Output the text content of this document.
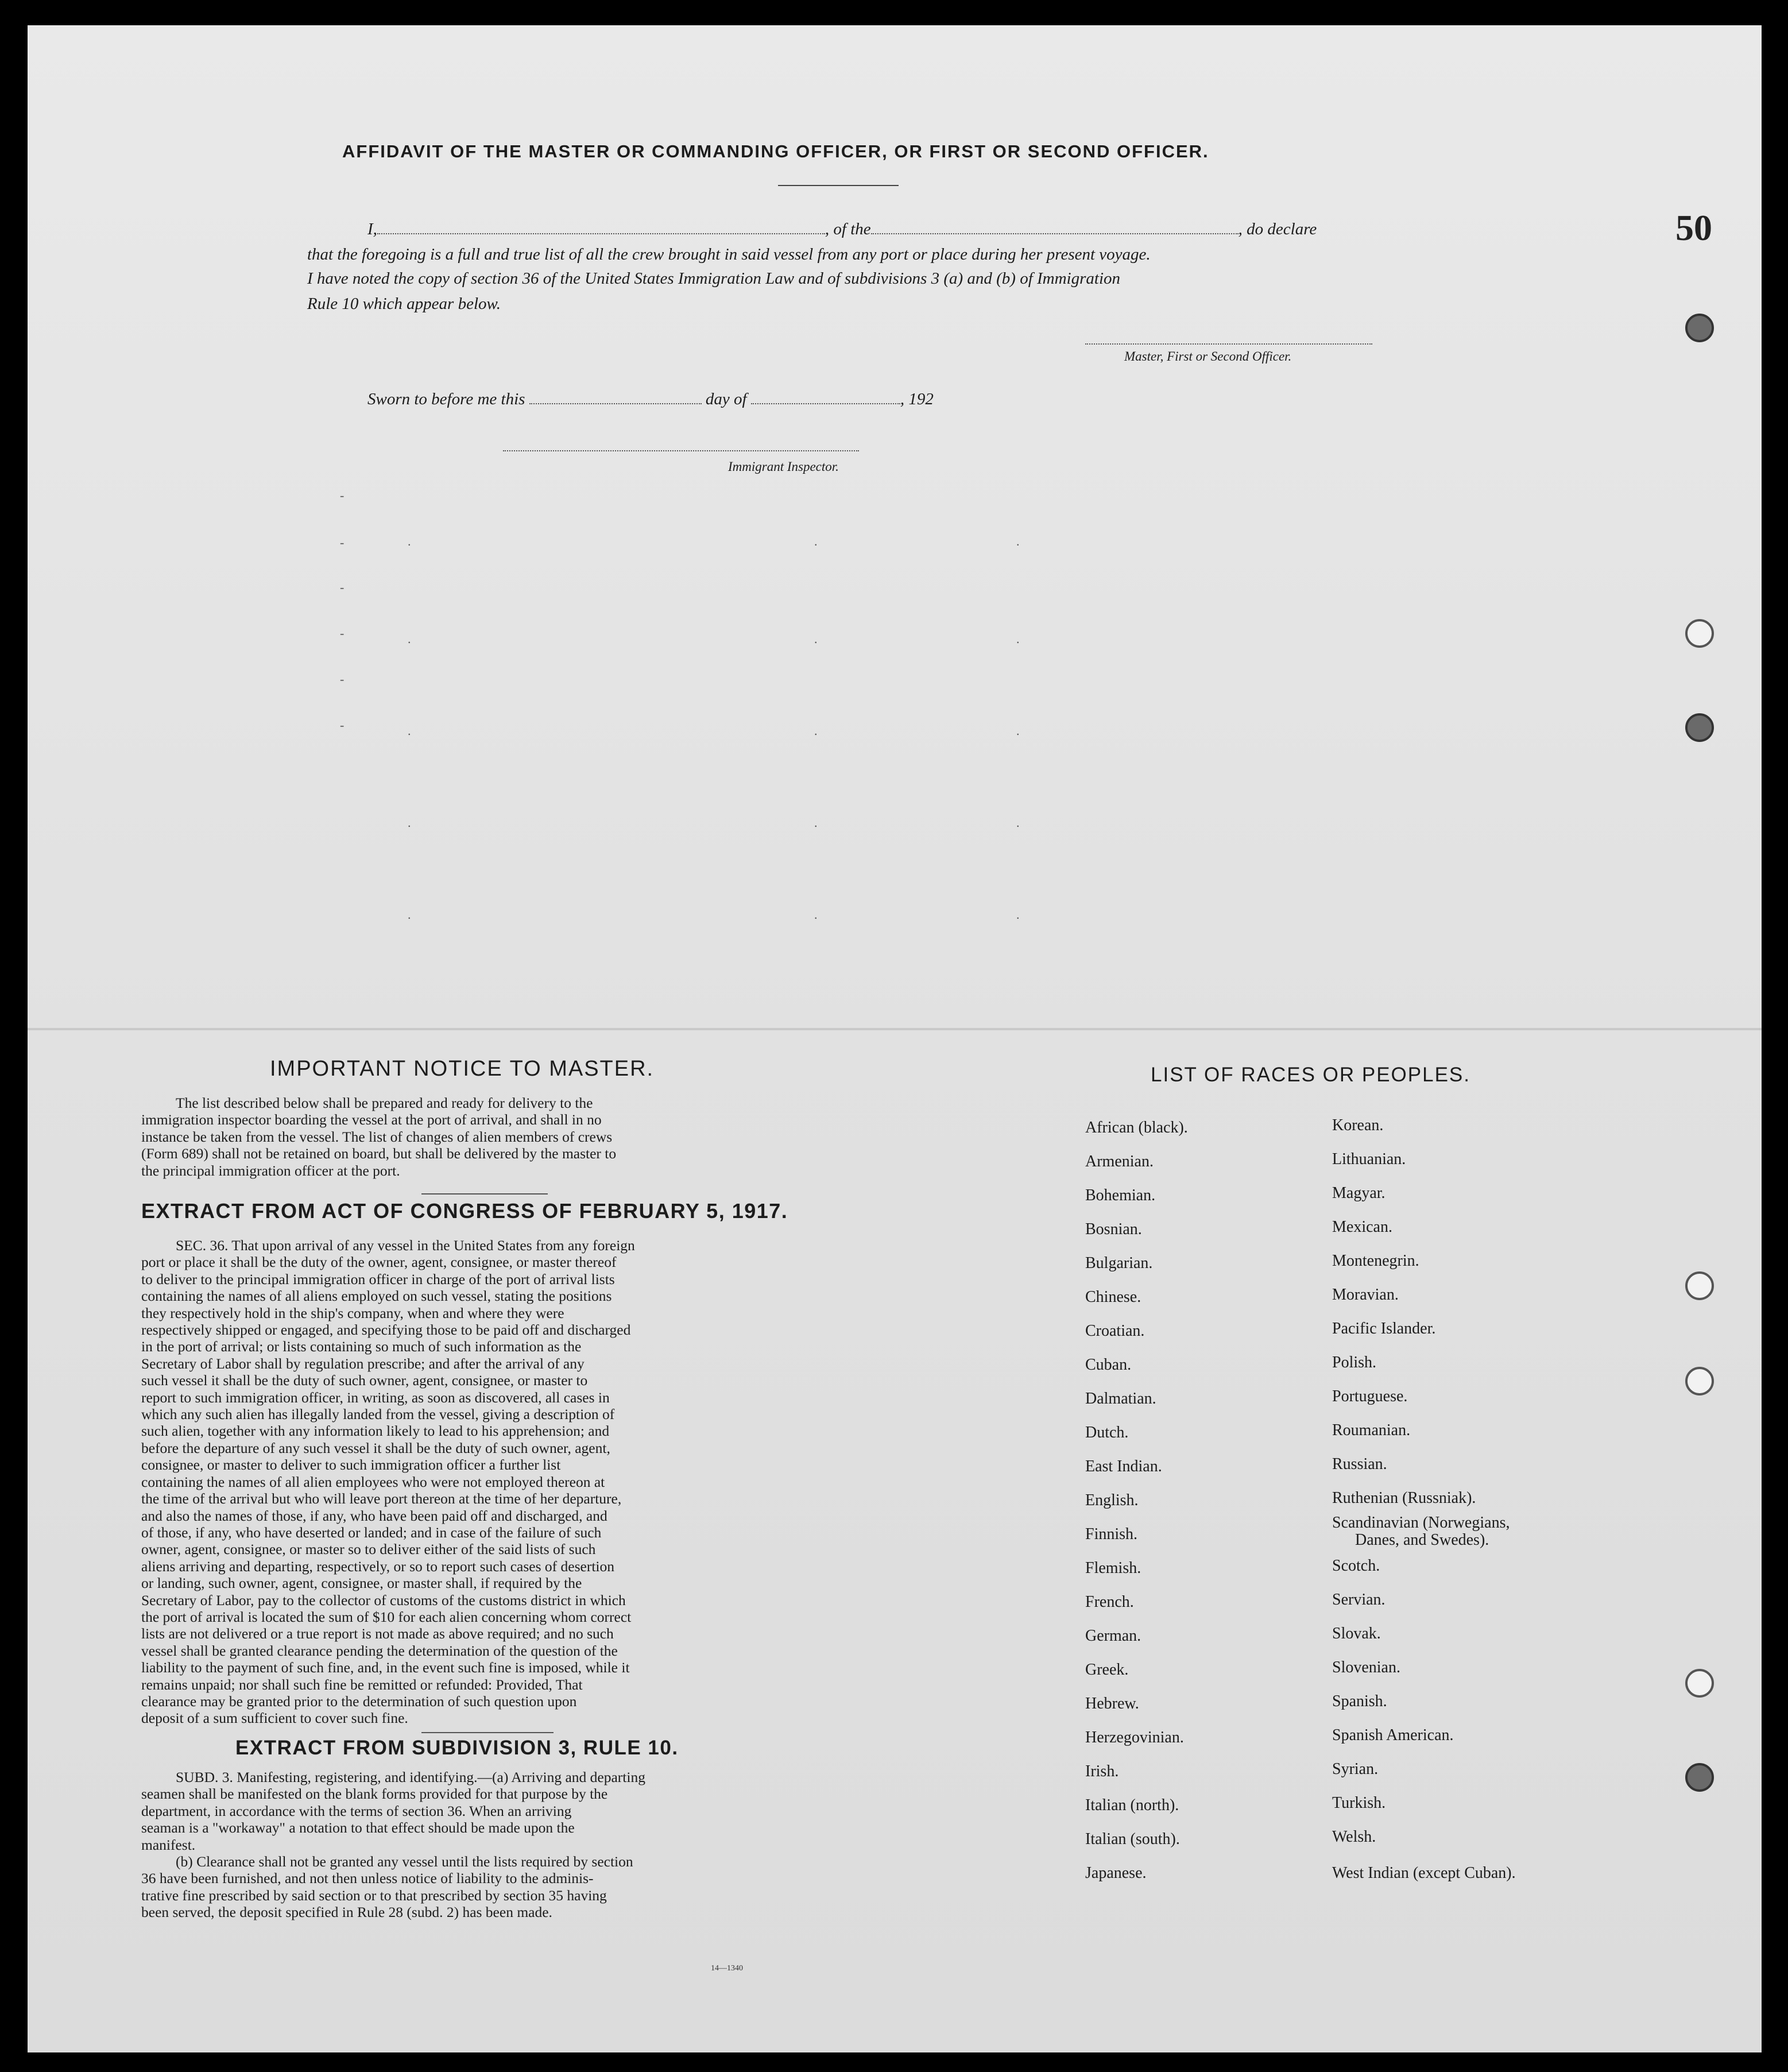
50
AFFIDAVIT OF THE MASTER OR COMMANDING OFFICER, OR FIRST OR SECOND OFFICER.
I,	, of the	, do declare
that the foregoing is a full and true list of all the crew brought in said vessel from any port or place during her present voyage.
I have noted the copy of section 36 of the United States Immigration Law and of subdivisions 3 (a) and (b) of Immigration
Rule 10 which appear below.
Master, First or Second Officer.
Sworn to before me this	day of	, 192
Immigrant Inspector.
-
-
-
-
-
-
.
.
.
.
.
.
.
.
.
.
.
.
.
.
.
IMPORTANT NOTICE TO MASTER.
The list described below shall be prepared and ready for delivery to the
immigration inspector boarding the vessel at the port of arrival, and shall in no
instance be taken from the vessel. The list of changes of alien members of crews
(Form 689) shall not be retained on board, but shall be delivered by the master to
the principal immigration officer at the port.
EXTRACT FROM ACT OF CONGRESS OF FEBRUARY 5, 1917.
SEC. 36. That upon arrival of any vessel in the United States from any foreign
port or place it shall be the duty of the owner, agent, consignee, or master thereof
to deliver to the principal immigration officer in charge of the port of arrival lists
containing the names of all aliens employed on such vessel, stating the positions
they respectively hold in the ship's company, when and where they were
respectively shipped or engaged, and specifying those to be paid off and discharged
in the port of arrival; or lists containing so much of such information as the
Secretary of Labor shall by regulation prescribe; and after the arrival of any
such vessel it shall be the duty of such owner, agent, consignee, or master to
report to such immigration officer, in writing, as soon as discovered, all cases in
which any such alien has illegally landed from the vessel, giving a description of
such alien, together with any information likely to lead to his apprehension; and
before the departure of any such vessel it shall be the duty of such owner, agent,
consignee, or master to deliver to such immigration officer a further list
containing the names of all alien employees who were not employed thereon at
the time of the arrival but who will leave port thereon at the time of her departure,
and also the names of those, if any, who have been paid off and discharged, and
of those, if any, who have deserted or landed; and in case of the failure of such
owner, agent, consignee, or master so to deliver either of the said lists of such
aliens arriving and departing, respectively, or so to report such cases of desertion
or landing, such owner, agent, consignee, or master shall, if required by the
Secretary of Labor, pay to the collector of customs of the customs district in which
the port of arrival is located the sum of $10 for each alien concerning whom correct
lists are not delivered or a true report is not made as above required; and no such
vessel shall be granted clearance pending the determination of the question of the
liability to the payment of such fine, and, in the event such fine is imposed, while it
remains unpaid; nor shall such fine be remitted or refunded: Provided, That
clearance may be granted prior to the determination of such question upon
deposit of a sum sufficient to cover such fine.
EXTRACT FROM SUBDIVISION 3, RULE 10.
SUBD. 3. Manifesting, registering, and identifying.—(a) Arriving and departing
seamen shall be manifested on the blank forms provided for that purpose by the
department, in accordance with the terms of section 36. When an arriving
seaman is a "workaway" a notation to that effect should be made upon the
manifest.
(b) Clearance shall not be granted any vessel until the lists required by section
36 have been furnished, and not then unless notice of liability to the adminis-
trative fine prescribed by said section or to that prescribed by section 35 having
been served, the deposit specified in Rule 28 (subd. 2) has been made.
14—1340
LIST OF RACES OR PEOPLES.
African (black).
Armenian.
Bohemian.
Bosnian.
Bulgarian.
Chinese.
Croatian.
Cuban.
Dalmatian.
Dutch.
East Indian.
English.
Finnish.
Flemish.
French.
German.
Greek.
Hebrew.
Herzegovinian.
Irish.
Italian (north).
Italian (south).
Japanese.
Korean.
Lithuanian.
Magyar.
Mexican.
Montenegrin.
Moravian.
Pacific Islander.
Polish.
Portuguese.
Roumanian.
Russian.
Ruthenian (Russniak).
Scandinavian (Norwegians,
Danes, and Swedes).
Scotch.
Servian.
Slovak.
Slovenian.
Spanish.
Spanish American.
Syrian.
Turkish.
Welsh.
West Indian (except Cuban).
